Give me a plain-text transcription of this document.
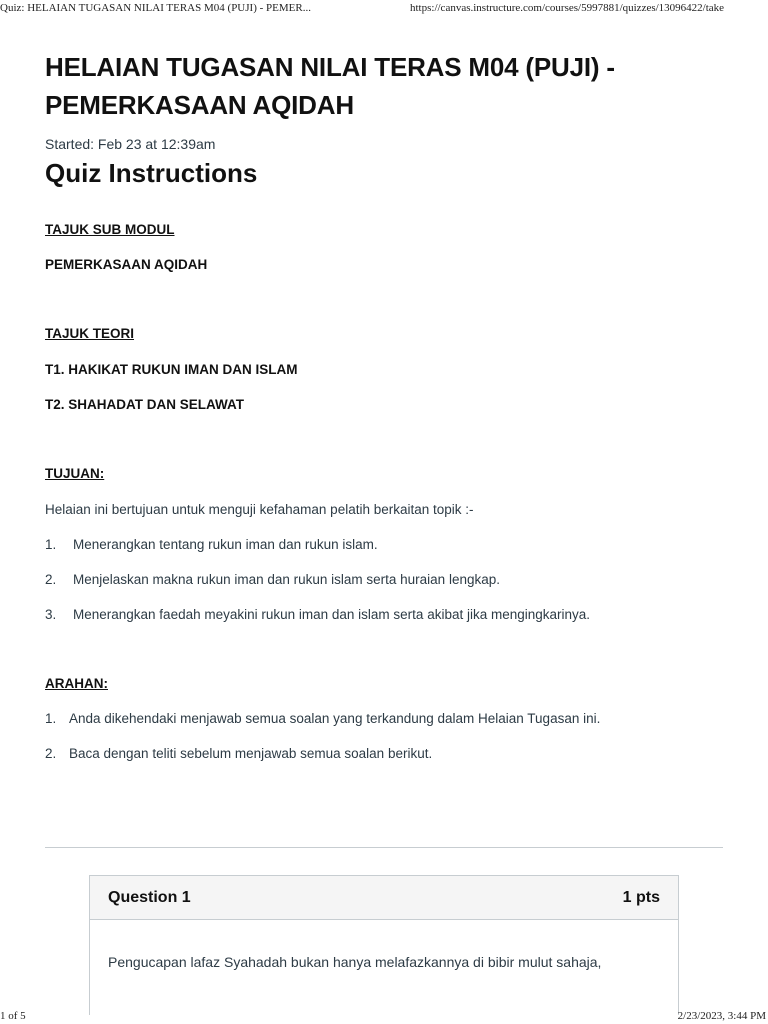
Quiz: HELAIAN TUGASAN NILAI TERAS M04 (PUJI) - PEMER...	https://canvas.instructure.com/courses/5997881/quizzes/13096422/take
HELAIAN TUGASAN NILAI TERAS M04 (PUJI) -
PEMERKASAAN AQIDAH
Started: Feb 23 at 12:39am
Quiz Instructions
TAJUK SUB MODUL
PEMERKASAAN AQIDAH
TAJUK TEORI
T1. HAKIKAT RUKUN IMAN DAN ISLAM
T2. SHAHADAT DAN SELAWAT
TUJUAN:
Helaian ini bertujuan untuk menguji kefahaman pelatih berkaitan topik :-
1. Menerangkan tentang rukun iman dan rukun islam.
2. Menjelaskan makna rukun iman dan rukun islam serta huraian lengkap.
3. Menerangkan faedah meyakini rukun iman dan islam serta akibat jika mengingkarinya.
ARAHAN:
1. Anda dikehendaki menjawab semua soalan yang terkandung dalam Helaian Tugasan ini.
2. Baca dengan teliti sebelum menjawab semua soalan berikut.
Question 1	1 pts
Pengucapan lafaz Syahadah bukan hanya melafazkannya di bibir mulut sahaja,
1 of 5	2/23/2023, 3:44 PM
